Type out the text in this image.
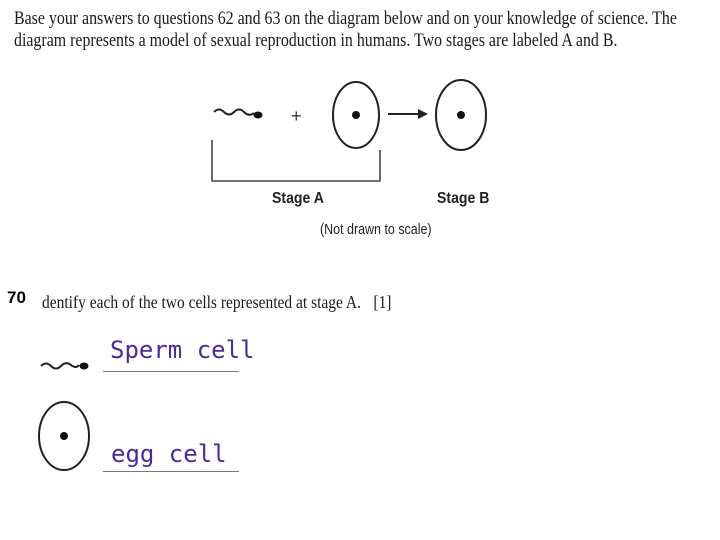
Base your answers to questions 62 and 63 on the diagram below and on your knowledge of science. The
diagram represents a model of sexual reproduction in humans. Two stages are labeled A and B.
+
Stage A	Stage B
(Not drawn to scale)
70 dentify each of the two cells represented at stage A. [1]
Sperm cell
egg cell
